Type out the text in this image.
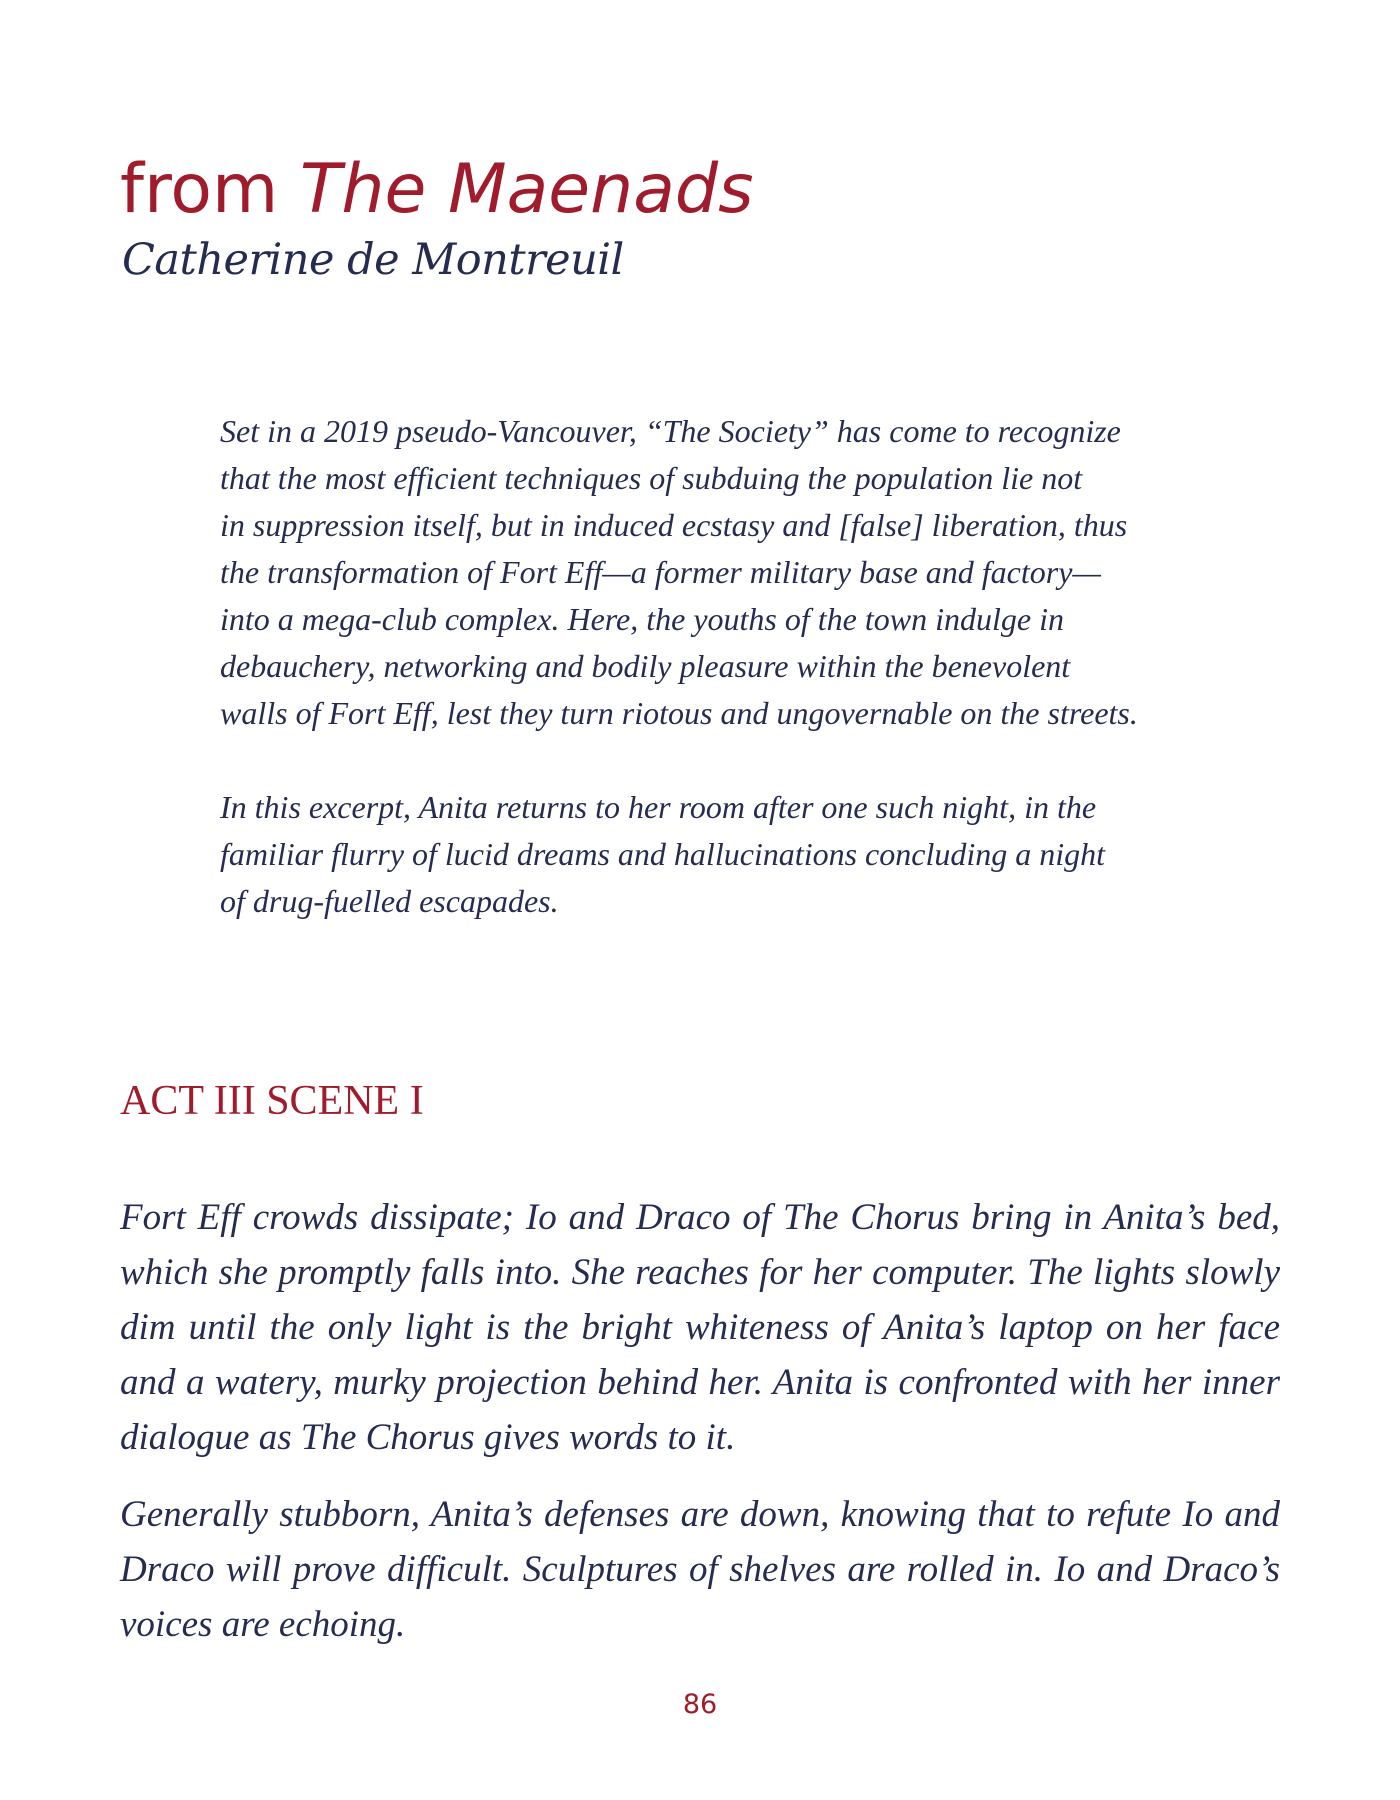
from The Maenads
Catherine de Montreuil

Set in a 2019 pseudo-Vancouver, “The Society” has come to recognize
that the most efficient techniques of subduing the population lie not
in suppression itself, but in induced ecstasy and [false] liberation, thus
the transformation of Fort Eff—a former military base and factory—
into a mega-club complex. Here, the youths of the town indulge in
debauchery, networking and bodily pleasure within the benevolent
walls of Fort Eff, lest they turn riotous and ungovernable on the streets.

In this excerpt, Anita returns to her room after one such night, in the
familiar flurry of lucid dreams and hallucinations concluding a night
of drug-fuelled escapades.

ACT III SCENE I

Fort Eff crowds dissipate; Io and Draco of The Chorus bring in Anita’s bed, which she promptly falls into. She reaches for her computer. The lights slowly dim until the only light is the bright whiteness of Anita’s laptop on her face and a watery, murky projection behind her. Anita is confronted with her inner dialogue as The Chorus gives words to it.

Generally stubborn, Anita’s defenses are down, knowing that to refute Io and Draco will prove difficult. Sculptures of shelves are rolled in. Io and Draco’s voices are echoing.

86
